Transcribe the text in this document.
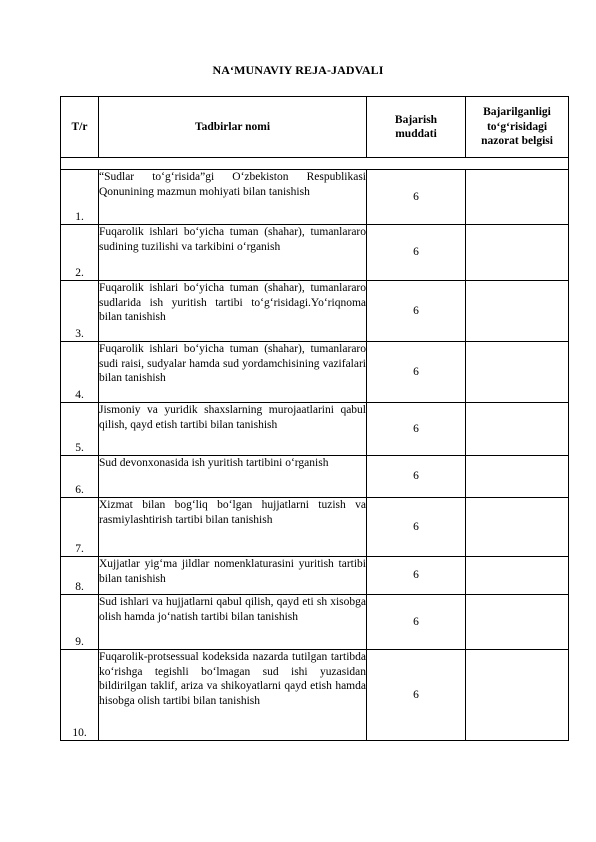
NA‘MUNAVIY REJA-JADVALI
T/r	Tadbirlar nomi	Bajarish muddati	Bajarilganligi to‘g‘risidagi nazorat belgisi

1.	“Sudlar to‘g‘risida”gi O‘zbekiston Respublikasi Qonunining mazmun mohiyati bilan tanishish	6	
2.	Fuqarolik ishlari bo‘yicha tuman (shahar), tumanlararo sudining tuzilishi va tarkibini o‘rganish	6	
3.	Fuqarolik ishlari bo‘yicha tuman (shahar), tumanlararo sudlarida ish yuritish tartibi to‘g‘risidagi.Yo‘riqnoma bilan tanishish	6	
4.	Fuqarolik ishlari bo‘yicha tuman (shahar), tumanlararo sudi raisi, sudyalar hamda sud yordamchisining vazifalari bilan tanishish	6	
5.	Jismoniy va yuridik shaxslarning murojaatlarini qabul qilish, qayd etish tartibi bilan tanishish	6	
6.	Sud devonxonasida ish yuritish tartibini o‘rganish	6	
7.	Xizmat bilan bog‘liq bo‘lgan hujjatlarni tuzish va rasmiylashtirish tartibi bilan tanishish	6	
8.	Xujjatlar yig‘ma jildlar nomenklaturasini yuritish tartibi bilan tanishish	6	
9.	Sud ishlari va hujjatlarni qabul qilish, qayd eti sh xisobga olish hamda jo‘natish tartibi bilan tanishish	6	
10.	Fuqarolik-protsessual kodeksida nazarda tutilgan tartibda ko‘rishga tegishli bo‘lmagan sud ishi yuzasidan bildirilgan taklif, ariza va shikoyatlarni qayd etish hamda hisobga olish tartibi bilan tanishish	6	
